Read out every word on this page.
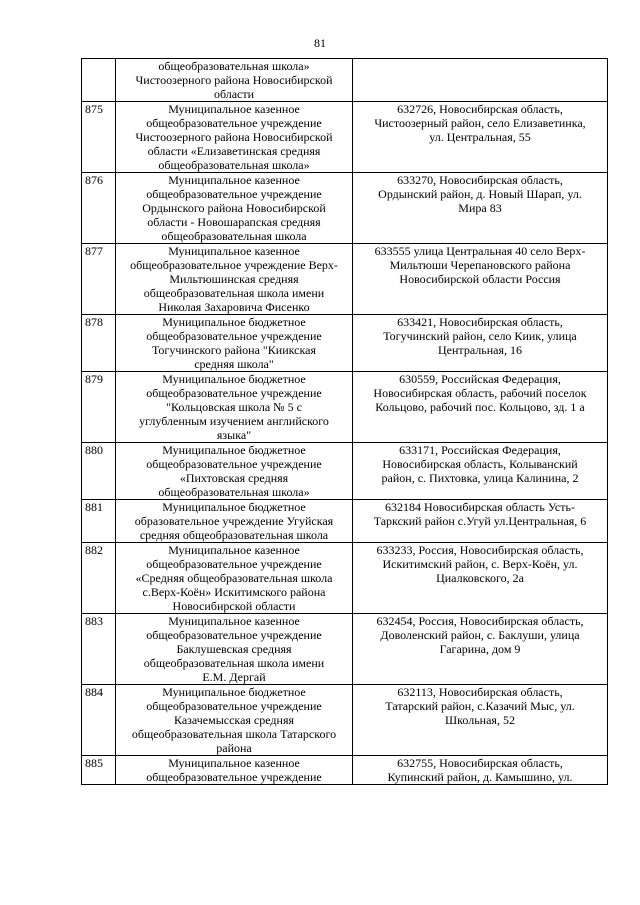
81

	общеобразовательная школа»
Чистоозерного района Новосибирской
области	

875	Муниципальное казенное
общеобразовательное учреждение
Чистоозерного района Новосибирской
области «Елизаветинская средняя
общеобразовательная школа»	632726, Новосибирская область,
Чистоозерный район, село Елизаветинка,
ул. Центральная, 55

876	Муниципальное казенное
общеобразовательное учреждение
Ордынского района Новосибирской
области - Новошарапская средняя
общеобразовательная школа	633270, Новосибирская область,
Ордынский район, д. Новый Шарап, ул.
Мира 83

877	Муниципальное казенное
общеобразовательное учреждение Верх-
Мильтюшинская средняя
общеобразовательная школа имени
Николая Захаровича Фисенко	633555 улица Центральная 40 село Верх-
Мильтюши Черепановского района
Новосибирской области Россия

878	Муниципальное бюджетное
общеобразовательное учреждение
Тогучинского района "Киикская
средняя школа"	633421, Новосибирская область,
Тогучинский район, село Киик, улица
Центральная, 16

879	Муниципальное бюджетное
общеобразовательное учреждение
"Кольцовская школа № 5 с
углубленным изучением английского
языка"	630559, Российская Федерация,
Новосибирская область, рабочий поселок
Кольцово, рабочий пос. Кольцово, зд. 1 а

880	Муниципальное бюджетное
общеобразовательное учреждение
«Пихтовская средняя
общеобразовательная школа»	633171, Российская Федерация,
Новосибирская область, Колыванский
район, с. Пихтовка, улица Калинина, 2

881	Муниципальное бюджетное
образовательное учреждение Угуйская
средняя общеобразовательная школа	632184 Новосибирская область Усть-
Таркский район с.Угуй ул.Центральная, 6

882	Муниципальное казенное
общеобразовательное учреждение
«Средняя общеобразовательная школа
с.Верх-Коён» Искитимского района
Новосибирской области	633233, Россия, Новосибирская область,
Искитимский район, с. Верх-Коён, ул.
Циалковского, 2а

883	Муниципальное казенное
общеобразовательное учреждение
Баклушевская средняя
общеобразовательная школа имени
Е.М. Дергай	632454, Россия, Новосибирская область,
Доволенский район, с. Баклуши, улица
Гагарина, дом 9

884	Муниципальное бюджетное
общеобразовательное учреждение
Казачемысская средняя
общеобразовательная школа Татарского
района	632113, Новосибирская область,
Татарский район, с.Казачий Мыс, ул.
Школьная, 52

885	Муниципальное казенное
общеобразовательное учреждение	632755, Новосибирская область,
Купинский район, д. Камышино, ул.
